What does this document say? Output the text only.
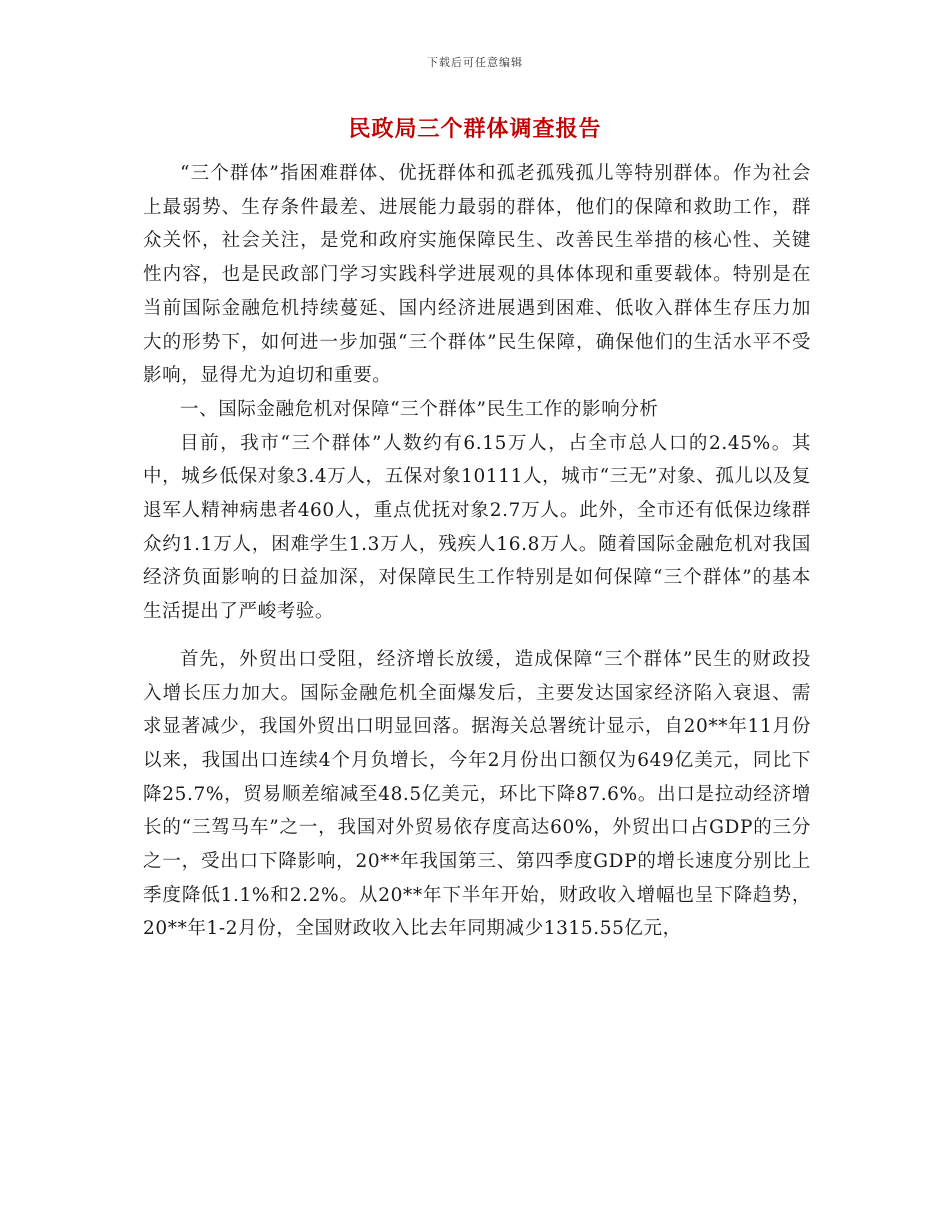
下载后可任意编辑
民政局三个群体调查报告

“三个群体”指困难群体、优抚群体和孤老孤残孤儿等特别群体。作为社会上最弱势、生存条件最差、进展能力最弱的群体，他们的保障和救助工作，群众关怀，社会关注，是党和政府实施保障民生、改善民生举措的核心性、关键性内容，也是民政部门学习实践科学进展观的具体体现和重要载体。特别是在当前国际金融危机持续蔓延、国内经济进展遇到困难、低收入群体生存压力加大的形势下，如何进一步加强“三个群体”民生保障，确保他们的生活水平不受影响，显得尤为迫切和重要。

一、国际金融危机对保障“三个群体”民生工作的影响分析

目前，我市“三个群体”人数约有6.15万人，占全市总人口的2.45%。其中，城乡低保对象3.4万人，五保对象10111人，城市“三无”对象、孤儿以及复退军人精神病患者460人，重点优抚对象2.7万人。此外，全市还有低保边缘群众约1.1万人，困难学生1.3万人，残疾人16.8万人。随着国际金融危机对我国经济负面影响的日益加深，对保障民生工作特别是如何保障“三个群体”的基本生活提出了严峻考验。

首先，外贸出口受阻，经济增长放缓，造成保障“三个群体”民生的财政投入增长压力加大。国际金融危机全面爆发后，主要发达国家经济陷入衰退、需求显著减少，我国外贸出口明显回落。据海关总署统计显示，自20**年11月份以来，我国出口连续4个月负增长，今年2月份出口额仅为649亿美元，同比下降25.7%，贸易顺差缩减至48.5亿美元，环比下降87.6%。出口是拉动经济增长的“三驾马车”之一，我国对外贸易依存度高达60%，外贸出口占GDP的三分之一，受出口下降影响，20**年我国第三、第四季度GDP的增长速度分别比上季度降低1.1%和2.2%。从20**年下半年开始，财政收入增幅也呈下降趋势，20**年1-2月份，全国财政收入比去年同期减少1315.55亿元，
